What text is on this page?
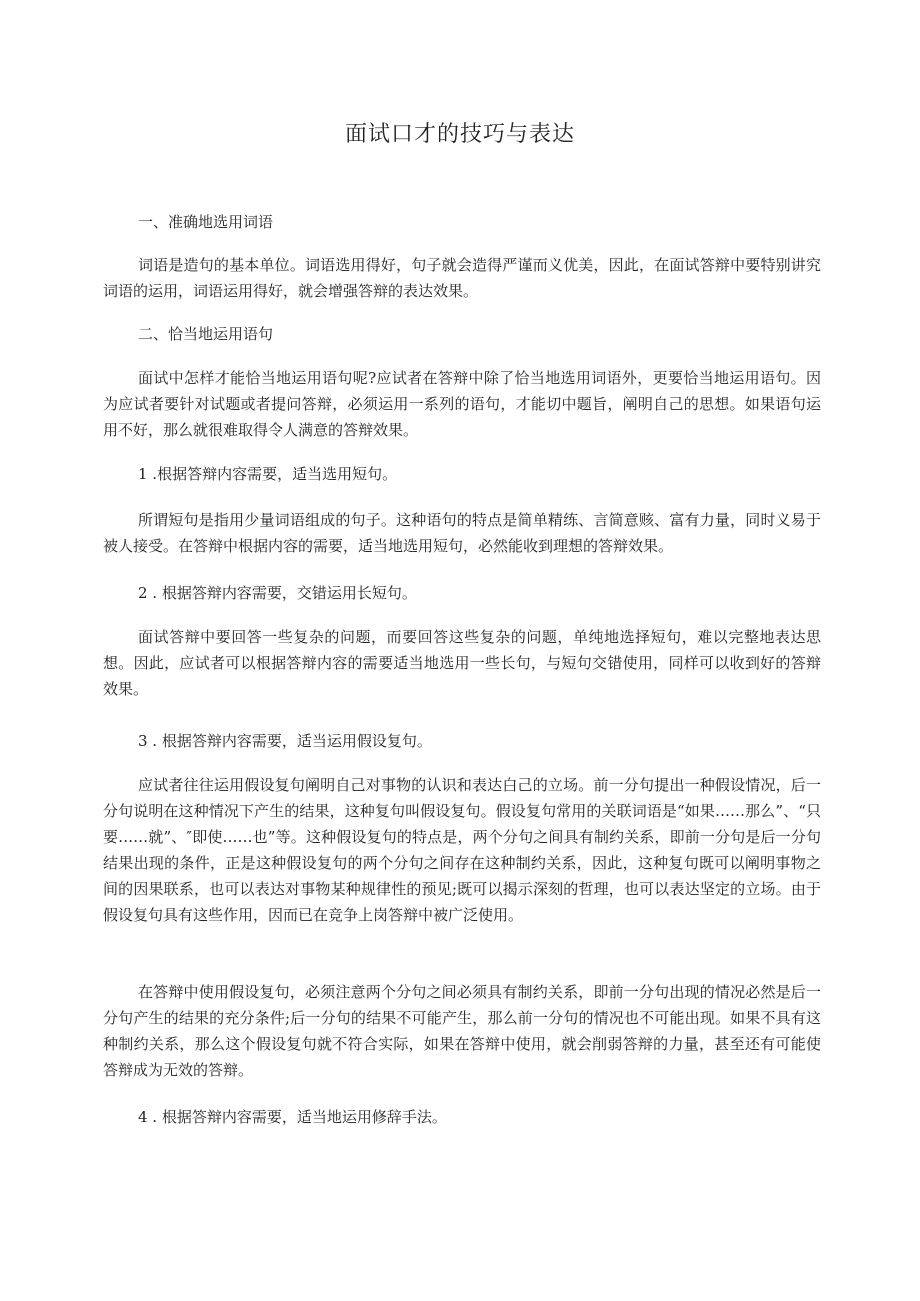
面试口才的技巧与表达

一、准确地选用词语

词语是造句的基本单位。词语选用得好，句子就会造得严谨而义优美，因此，在面试答辩中要特别讲究词语的运用，词语运用得好，就会增强答辩的表达效果。

二、恰当地运用语句

面试中怎样才能恰当地运用语句呢?应试者在答辩中除了恰当地选用词语外，更要恰当地运用语句。因为应试者要针对试题或者提问答辩，必须运用一系列的语句，才能切中题旨，阐明自己的思想。如果语句运用不好，那么就很难取得令人满意的答辩效果。

1 .根据答辩内容需要，适当选用短句。

所谓短句是指用少量词语组成的句子。这种语句的特点是简单精练、言简意赅、富有力量，同时义易于被人接受。在答辩中根据内容的需要，适当地选用短句，必然能收到理想的答辩效果。

2 . 根据答辩内容需要，交错运用长短句。

面试答辩中要回答一些复杂的问题，而要回答这些复杂的问题，单纯地选择短句，难以完整地表达思想。因此，应试者可以根据答辩内容的需要适当地选用一些长句，与短句交错使用，同样可以收到好的答辩效果。

3 . 根据答辩内容需要，适当运用假设复句。

应试者往往运用假设复句阐明自己对事物的认识和表达白己的立场。前一分句提出一种假设情况，后一分句说明在这种情况下产生的结果，这种复句叫假设复句。假设复句常用的关联词语是“如果……那么”、“只要……就”、″即使……也”等。这种假设复句的特点是，两个分句之间具有制约关系，即前一分句是后一分句结果出现的条件，正是这种假设复句的两个分句之间存在这种制约关系，因此，这种复句既可以阐明事物之间的因果联系，也可以表达对事物某种规律性的预见;既可以揭示深刻的哲理，也可以表达坚定的立场。由于假设复句具有这些作用，因而已在竞争上岗答辩中被广泛使用。

在答辩中使用假设复句，必须注意两个分句之间必须具有制约关系，即前一分句出现的情况必然是后一分句产生的结果的充分条件;后一分句的结果不可能产生，那么前一分句的情况也不可能出现。如果不具有这种制约关系，那么这个假设复句就不符合实际，如果在答辩中使用，就会削弱答辩的力量，甚至还有可能使答辩成为无效的答辩。

4 . 根据答辩内容需要，适当地运用修辞手法。
